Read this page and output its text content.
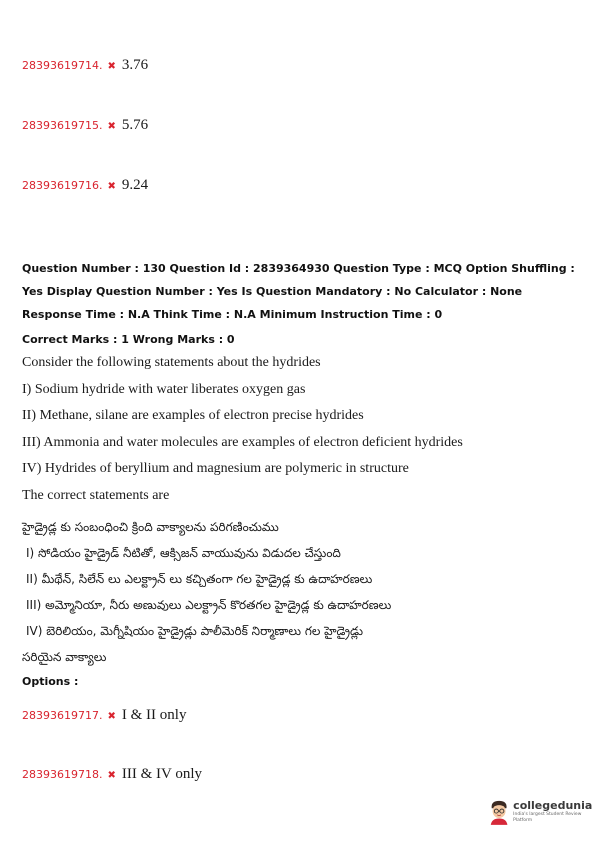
28393619714. ✖ 3.76
28393619715. ✖ 5.76
28393619716. ✖ 9.24
Question Number : 130 Question Id : 2839364930 Question Type : MCQ Option Shuffling : Yes Display Question Number : Yes Is Question Mandatory : No Calculator : None Response Time : N.A Think Time : N.A Minimum Instruction Time : 0
Correct Marks : 1 Wrong Marks : 0
Consider the following statements about the hydrides
I) Sodium hydride with water liberates oxygen gas
II) Methane, silane are examples of electron precise hydrides
III) Ammonia and water molecules are examples of electron deficient hydrides
IV) Hydrides of beryllium and magnesium are polymeric in structure
The correct statements are
హైడ్రైడ్ల కు సంబంధించి క్రింది వాక్యాలను పరిగణించుము
I) సోడియం హైడ్రైడ్ నీటితో, ఆక్సిజన్ వాయువును విడుదల చేస్తుంది
II) మీథేన్, సిలేన్ లు ఎలక్ట్రాన్ లు కచ్చితంగా గల హైడ్రైడ్ల కు ఉదాహరణలు
III) అమ్మోనియా, నీరు అణువులు ఎలక్ట్రాన్ కొరతగల హైడ్రైడ్ల కు ఉదాహరణలు
IV) బెరిలియం, మెగ్నీషియం హైడ్రైడ్లు పాలీమెరిక్ నిర్మాణాలు గల హైడ్రైడ్లు
సరియైన వాక్యాలు
Options :
28393619717. ✖ I & II only
28393619718. ✖ III & IV only
collegedunia
India's largest Student Review Platform
